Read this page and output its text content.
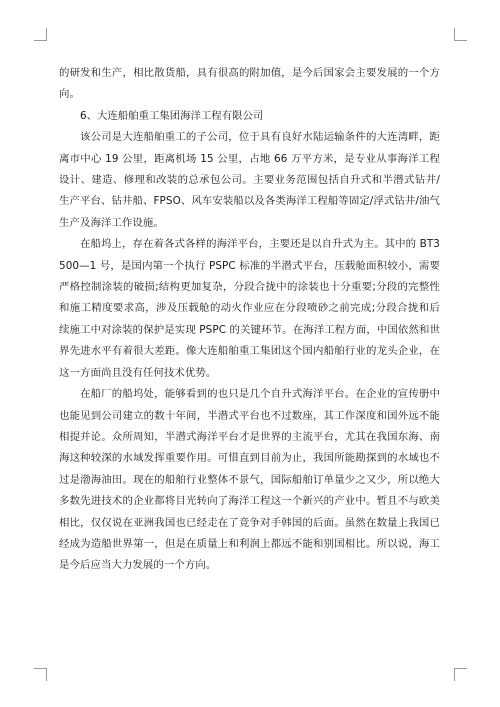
的研发和生产，相比散货船，具有很高的附加值，是今后国家会主要发展的一个方向。

6、大连船舶重工集团海洋工程有限公司

该公司是大连船舶重工的子公司，位于具有良好水陆运输条件的大连湾畔，距离市中心 19 公里，距离机场 15 公里，占地 66 万平方米，是专业从事海洋工程设计、建造、修理和改装的总承包公司。主要业务范围包括自升式和半潜式钻井/生产平台、钻井船、FPSO、风车安装船以及各类海洋工程船等固定/浮式钻井/油气生产及海洋工作设施。

在船坞上，存在着各式各样的海洋平台，主要还是以自升式为主。其中的 BT3500—1 号，是国内第一个执行 PSPC 标准的半潜式平台，压载舱面积较小，需要严格控制涂装的破损;结构更加复杂，分段合拢中的涂装也十分重要;分段的完整性和施工精度要求高，涉及压载舱的动火作业应在分段喷砂之前完成;分段合拢和后续施工中对涂装的保护是实现 PSPC 的关键环节。在海洋工程方面，中国依然和世界先进水平有着很大差距。像大连船舶重工集团这个国内船舶行业的龙头企业，在这一方面尚且没有任何技术优势。

在船厂的船坞处，能够看到的也只是几个自升式海洋平台。在企业的宣传册中也能见到公司建立的数十年间，半潜式平台也不过数座，其工作深度和国外远不能相提并论。众所周知，半潜式海洋平台才是世界的主流平台，尤其在我国东海、南海这种较深的水域发挥重要作用。可惜直到目前为止，我国所能勘探到的水域也不过是渤海油田。现在的船舶行业整体不景气，国际船舶订单量少之又少，所以绝大多数先进技术的企业都将目光转向了海洋工程这一个新兴的产业中。暂且不与欧美相比，仅仅说在亚洲我国也已经走在了竞争对手韩国的后面。虽然在数量上我国已经成为造船世界第一，但是在质量上和利润上都远不能和别国相比。所以说，海工是今后应当大力发展的一个方向。
